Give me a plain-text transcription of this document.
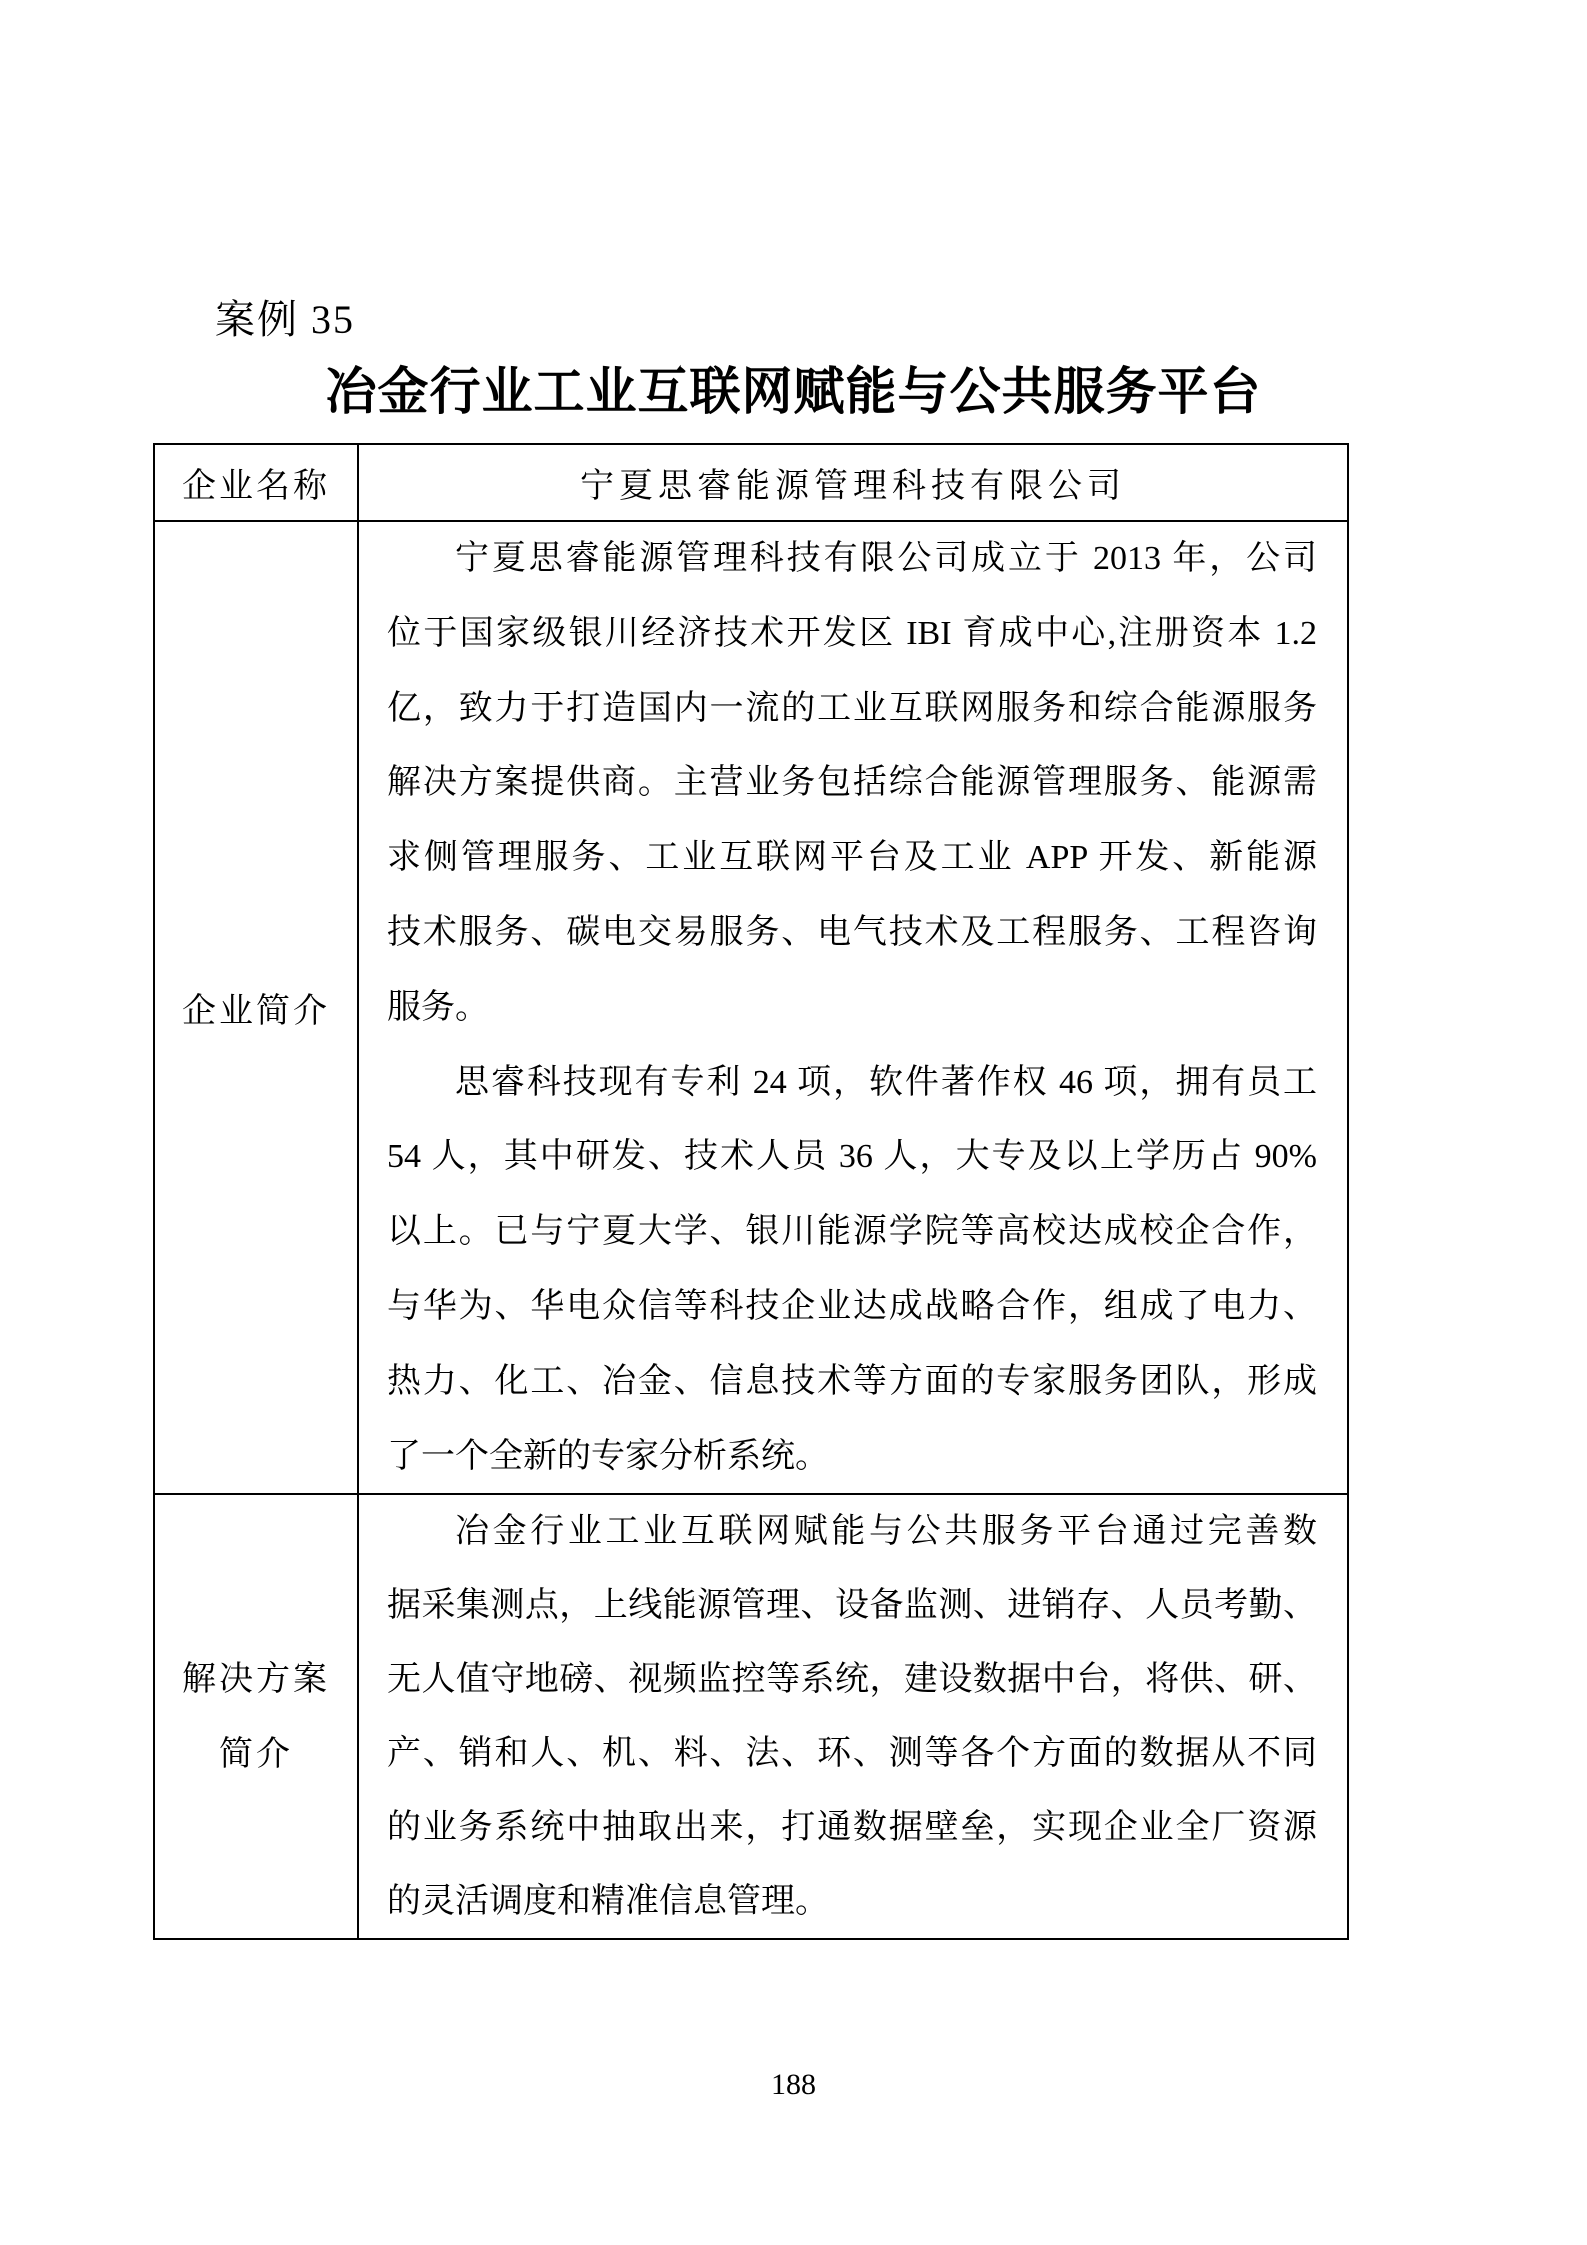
案例 35
冶金行业工业互联网赋能与公共服务平台
企业名称	宁夏思睿能源管理科技有限公司
企业简介
宁夏思睿能源管理科技有限公司成立于 2013 年，公司
位于国家级银川经济技术开发区 IBI 育成中心,注册资本 1.2
亿，致力于打造国内一流的工业互联网服务和综合能源服务
解决方案提供商。主营业务包括综合能源管理服务、能源需
求侧管理服务、工业互联网平台及工业 APP 开发、新能源
技术服务、碳电交易服务、电气技术及工程服务、工程咨询
服务。
思睿科技现有专利 24 项，软件著作权 46 项，拥有员工
54 人，其中研发、技术人员 36 人，大专及以上学历占 90%
以上。已与宁夏大学、银川能源学院等高校达成校企合作，
与华为、华电众信等科技企业达成战略合作，组成了电力、
热力、化工、冶金、信息技术等方面的专家服务团队，形成
了一个全新的专家分析系统。
解决方案
简介
冶金行业工业互联网赋能与公共服务平台通过完善数
据采集测点，上线能源管理、设备监测、进销存、人员考勤、
无人值守地磅、视频监控等系统，建设数据中台，将供、研、
产、销和人、机、料、法、环、测等各个方面的数据从不同
的业务系统中抽取出来，打通数据壁垒，实现企业全厂资源
的灵活调度和精准信息管理。
188
